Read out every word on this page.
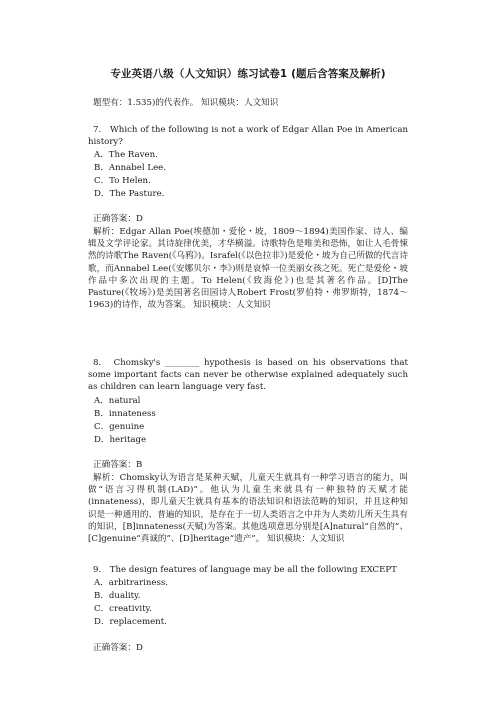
专业英语八级（人文知识）练习试卷1 (题后含答案及解析)
题型有：1.535)的代表作。 知识模块：人文知识
7.　Which of the following is not a work of Edgar Allan Poe in American history?
A．The Raven.
B．Annabel Lee.
C．To Helen.
D．The Pasture.
正确答案：D
解析：Edgar Allan Poe(埃德加・爱伦・坡，1809～1894)美国作家、诗人、编辑及文学评论家。其诗旋律优美，才华横溢。诗歌特色是唯美和恐怖，如让人毛骨悚然的诗歌The Raven(《乌鸦》)。Israfel(《以色拉非》)是爱伦・坡为自己所做的代言诗歌，而Annabel Lee(《安娜贝尔・李》)则是哀悼一位美丽女孩之死。死亡是爱伦・坡作品中多次出现的主题。To Helen(《致海伦》)也是其著名作品。[D]The Pasture(《牧场》)是美国著名田园诗人Robert Frost(罗伯特・弗罗斯特，1874～1963)的诗作，故为答案。 知识模块：人文知识
8.　Chomsky's ________ hypothesis is based on his observations that some important facts can never be otherwise explained adequately such as children can learn language very fast.
A．natural
B．innateness
C．genuine
D．heritage
正确答案：B
解析：Chomsky认为语言是某种天赋，儿童天生就具有一种学习语言的能力，叫做“语言习得机制(LAD)”。他认为儿童生来就具有一种独特的天赋才能(innateness)，即儿童天生就具有基本的语法知识和语法范畴的知识，并且这种知识是一种通用的、普遍的知识，是存在于一切人类语言之中并为人类幼儿所天生具有的知识，[B]innateness(天赋)为答案。其他选项意思分别是[A]natural“自然的”、[C]genuine“真诚的”、[D]heritage“遗产”。 知识模块：人文知识
9.　The design features of language may be all the following EXCEPT
A．arbitrariness.
B．duality.
C．creativity.
D．replacement.
正确答案：D
